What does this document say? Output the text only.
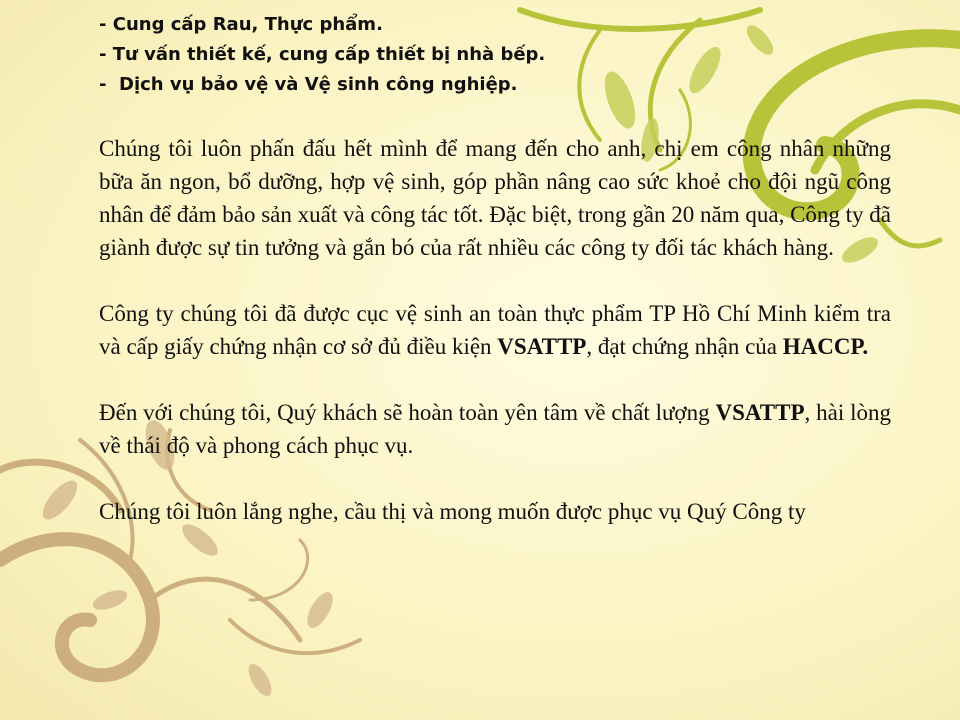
- Cung cấp Rau, Thực phẩm.
- Tư vấn thiết kế, cung cấp thiết bị nhà bếp.
-  Dịch vụ bảo vệ và Vệ sinh công nghiệp.

Chúng tôi luôn phấn đấu hết mình để mang đến cho anh, chị em công nhân những bữa ăn ngon, bổ dưỡng, hợp vệ sinh, góp phần nâng cao sức khoẻ cho đội ngũ công nhân để đảm bảo sản xuất và công tác tốt. Đặc biệt, trong gần 20 năm qua, Công ty đã giành được sự tin tưởng và gắn bó của rất nhiều các công ty đối tác khách hàng.

Công ty chúng tôi đã được cục vệ sinh an toàn thực phẩm TP Hồ Chí Minh kiểm tra và cấp giấy chứng nhận cơ sở đủ điều kiện VSATTP, đạt chứng nhận của HACCP.

Đến với chúng tôi, Quý khách sẽ hoàn toàn yên tâm về chất lượng VSATTP, hài lòng về thái độ và phong cách phục vụ.

Chúng tôi luôn lắng nghe, cầu thị và mong muốn được phục vụ Quý Công ty
